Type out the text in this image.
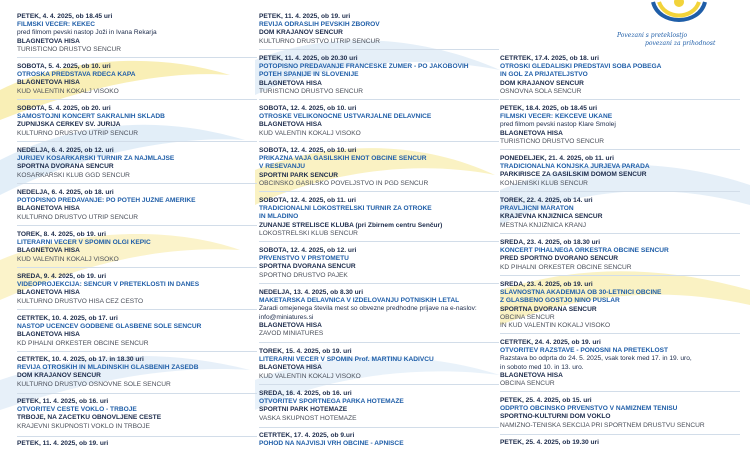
Povezani s preteklostjo
povezani za prihodnost
PETEK, 4. 4. 2025, ob 18.45 uri
FILMSKI VEČER: KEKEC
pred filmom pevski nastop Joži in Ivana Rekarja
BLAGNETOVA HIŠA
TURISTIČNO DRUŠTVO ŠENČUR
SOBOTA, 5. 4. 2025, ob 10. uri
OTROŠKA PREDSTAVA RDEČA KAPA
BLAGNETOVA HIŠA
KUD VALENTIN KOKALJ VISOKO
SOBOTA, 5. 4. 2025, ob 20. uri
SAMOSTOJNI KONCERT SAKRALNIH SKLADB
ŽUPNIJSKA CERKEV SV. JURIJA
KULTURNO DRUŠTVO UTRIP ŠENČUR
NEDELJA, 6. 4. 2025, ob 12. uri
JURIJEV KOŠARKARSKI TURNIR ZA NAJMLAJŠE
ŠPORTNA DVORANA ŠENČUR
KOŠARKARSKI KLUB GGD ŠENČUR
NEDELJA, 6. 4. 2025, ob 18. uri
POTOPISNO PREDAVANJE: PO POTEH JUŽNE AMERIKE
BLAGNETOVA HIŠA
KULTURNO DRUŠTVO UTRIP ŠENČUR
TOREK, 8. 4. 2025, ob 19. uri
LITERARNI VEČER V SPOMIN OLGI KEPIC
BLAGNETOVA HIŠA
KUD VALENTIN KOKALJ VISOKO
SREDA, 9. 4. 2025, ob 19. uri
VIDEOPROJEKCIJA: ŠENČUR V PRETEKLOSTI IN DANES
BLAGNETOVA HIŠA
KULTURNO DRUŠTVO HIŠA ČEZ CESTO
ČETRTEK, 10. 4. 2025, ob 17. uri
NASTOP UČENCEV GODBENE GLASBENE ŠOLE ŠENČUR
BLAGNETOVA HIŠA
KD PIHALNI ORKESTER OBČINE ŠENČUR
ČETRTEK, 10. 4. 2025, ob 17. in 18.30 uri
REVIJA OTROŠKIH IN MLADINSKIH GLASBENIH ZASEDB
DOM KRAJANOV ŠENČUR
KULTURNO DRUŠTVO OSNOVNE ŠOLE ŠENČUR
PETEK, 11. 4. 2025, ob 16. uri
OTVORITEV CESTE VOKLO - TRBOJE
TRBOJE, NA ZAČETKU OBNOVLJENE CESTE
KRAJEVNI SKUPNOSTI VOKLO IN TRBOJE
PETEK, 11. 4. 2025, ob 19. uri
PETEK, 11. 4. 2025, ob 19. uri
REVIJA ODRASLIH PEVSKIH ZBOROV
DOM KRAJANOV ŠENČUR
KULTURNO DRUŠTVO UTRIP ŠENČUR
PETEK, 11. 4. 2025, ob 20.30 uri
POTOPISNO PREDAVANJE FRANCESKE ŽUMER - PO JAKOBOVIH
POTEH ŠPANIJE IN SLOVENIJE
BLAGNETOVA HIŠA
TURISTIČNO DRUŠTVO ŠENČUR
SOBOTA, 12. 4. 2025, ob 10. uri
OTROŠKE VELIKONOČNE USTVARJALNE DELAVNICE
BLAGNETOVA HIŠA
KUD VALENTIN KOKALJ VISOKO
SOBOTA, 12. 4. 2025, ob 10. uri
PRIKAZNA VAJA GASILSKIH ENOT OBČINE ŠENČUR
V REŠEVANJU
ŠPORTNI PARK ŠENČUR
OBČINSKO GASILSKO POVELJSTVO IN PGD ŠENČUR
SOBOTA, 12. 4. 2025, ob 11. uri
TRADICIONALNI LOKOSTRELSKI TURNIR ZA OTROKE
IN MLADINO
ZUNANJE STRELIŠČE KLUBA (pri Zbirnem centru Šenčur)
LOKOSTRELSKI KLUB ŠENČUR
SOBOTA, 12. 4. 2025, ob 12. uri
PRVENSTVO V PRSTOMETU
ŠPORTNA DVORANA ŠENČUR
ŠPORTNO DRUŠTVO PAJEK
NEDELJA, 13. 4. 2025, ob 8.30 uri
MAKETARSKA DELAVNICA V IZDELOVANJU POTNIŠKIH LETAL
Zaradi omejenega števila mest so obvezne predhodne prijave na e-naslov:
info@miniatures.si
BLAGNETOVA HIŠA
ZAVOD MINIATURES
TOREK, 15. 4. 2025, ob 19. uri
LITERARNI VEČER V SPOMIN Prof. MARTINU KADIVCU
BLAGNETOVA HIŠA
KUD VALENTIN KOKALJ VISOKO
SREDA, 16. 4. 2025, ob 16. uri
OTVORITEV ŠPORTNEGA PARKA HOTEMAŽE
ŠPORTNI PARK HOTEMAŽE
VAŠKA SKUPNOST HOTEMAŽE
ČETRTEK, 17. 4. 2025, ob 9.uri
POHOD NA NAJVIŠJI VRH OBČINE - APNIŠČE
ČETRTEK, 17.4. 2025, ob 18. uri
OTROŠKI GLEDALIŠKI PREDSTAVI SOBA POBEGA
IN GOL ZA PRIJATELJSTVO
DOM KRAJANOV ŠENČUR
OSNOVNA ŠOLA ŠENČUR
PETEK, 18.4. 2025, ob 18.45 uri
FILMSKI VEČER: KEKČEVE UKANE
pred filmom pevski nastop Klare Smolej
BLAGNETOVA HIŠA
TURISTIČNO DRUŠTVO ŠENČUR
PONEDELJEK, 21. 4. 2025, ob 11. uri
TRADICIONALNA KONJSKA JURJEVA PARADA
PARKIRIŠČE ZA GASILSKIM DOMOM ŠENČUR
KONJENIŠKI KLUB ŠENČUR
TOREK, 22. 4. 2025, ob 14. uri
PRAVLJIČNI MARATON
KRAJEVNA KNJIŽNICA ŠENČUR
MESTNA KNJIŽNICA KRANJ
SREDA, 23. 4. 2025, ob 18.30 uri
KONCERT PIHALNEGA ORKESTRA OBČINE ŠENČUR
PRED ŠPORTNO DVORANO ŠENČUR
KD PIHALNI ORKESTER OBČINE ŠENČUR
SREDA, 23. 4. 2025, ob 19. uri
SLAVNOSTNA AKADEMIJA OB 30-LETNICI OBČINE
Z GLASBENO GOSTJO NINO PUŠLAR
ŠPORTNA DVORANA ŠENČUR
OBČINA ŠENČUR
IN KUD VALENTIN KOKALJ VISOKO
ČETRTEK, 24. 4. 2025, ob 19. uri
OTVORITEV RAZSTAVE - PONOSNI NA PRETEKLOST
Razstava bo odprta do 24. 5. 2025, vsak torek med 17. in 19. uro,
in soboto med 10. in 13. uro.
BLAGNETOVA HIŠA
OBČINA ŠENČUR
PETEK, 25. 4. 2025, ob 15. uri
ODPRTO OBČINSKO PRVENSTVO V NAMIZNEM TENISU
ŠPORTNO-KULTURNI DOM VOKLO
NAMIZNO-TENIŠKA SEKCIJA PRI ŠPORTNEM DRUŠTVU ŠENČUR
PETEK, 25. 4. 2025, ob 19.30 uri
